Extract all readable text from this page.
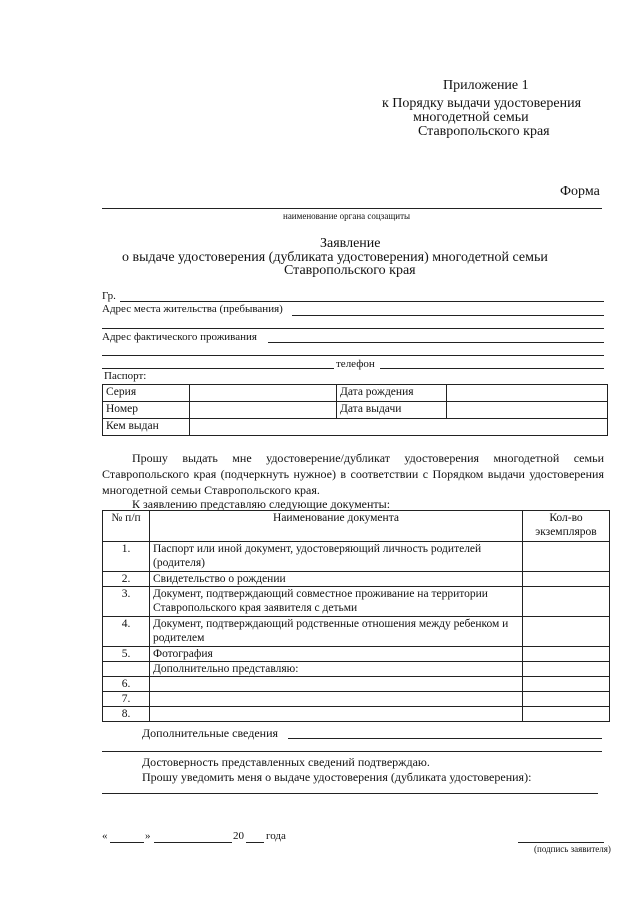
Приложение 1
к Порядку выдачи удостоверения
многодетной семьи
Ставропольского края
Форма
наименование органа соцзащиты
Заявление
о выдаче удостоверения (дубликата удостоверения) многодетной семьи
Ставропольского края
Гр.
Адрес места жительства (пребывания)
Адрес фактического проживания
телефон
Паспорт:
Серия		Дата рождения	
Номер		Дата выдачи	
Кем выдан			
Прошу выдать мне удостоверение/дубликат удостоверения многодетной семьи Ставропольского края (подчеркнуть нужное) в соответствии с Порядком выдачи удостоверения многодетной семьи Ставропольского края.
К заявлению представляю следующие документы:
№ п/п	Наименование документа	Кол-во
экземпляров

1.	Паспорт или иной документ, удостоверяющий личность родителей (родителя)	
2.	Свидетельство о рождении	
3.	Документ, подтверждающий совместное проживание на территории Ставропольского края заявителя с детьми	
4.	Документ, подтверждающий родственные отношения между ребенком и родителем	
5.	Фотография	
	Дополнительно представляю:	
6.		
7.		
8.		
Дополнительные сведения
Достоверность представленных сведений подтверждаю.
Прошу уведомить меня о выдаче удостоверения (дубликата удостоверения):
«	»	20 года
(подпись заявителя)
